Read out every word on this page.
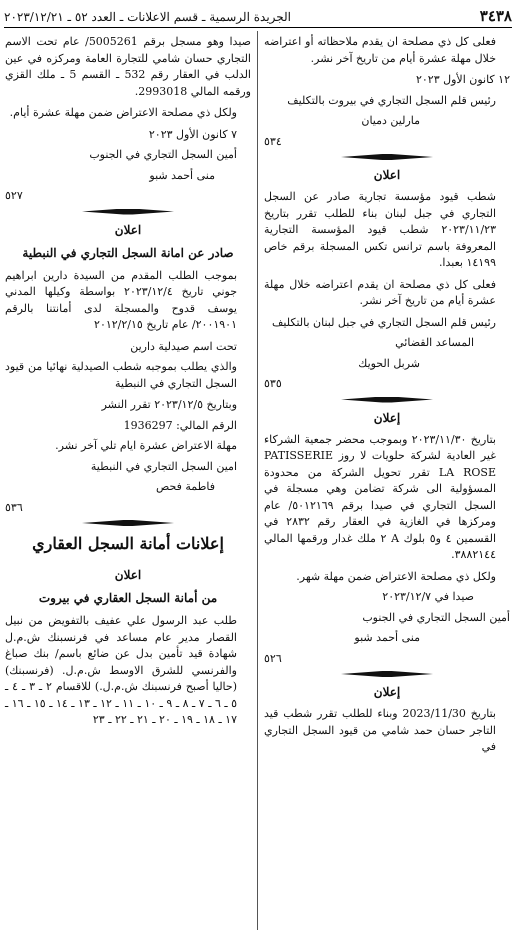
٣٤٣٨
الجريدة الرسمية ـ قسم الاعلانات ـ العدد ٥٢ ـ ٢٠٢٣/١٢/٢١

فعلى كل ذي مصلحة ان يقدم ملاحظاته أو اعتراضه خلال مهلة عشرة أيام من تاريخ آخر نشر.

١٢ كانون الأول ٢٠٢٣
رئيس قلم السجل التجاري في بيروت بالتكليف
مارلين دميان
٥٣٤
اعلان

شطب قيود مؤسسة تجارية صادر عن السجل التجاري في جبل لبنان بناء للطلب تقرر بتاريخ ٢٠٢٣/١١/٢٣ شطب قيود المؤسسة التجارية المعروفة باسم ترانس تكس المسجلة برقم خاص ١٤١٩٩ بعبدا.

فعلى كل ذي مصلحة ان يقدم اعتراضه خلال مهلة عشرة أيام من تاريخ آخر نشر.

رئيس قلم السجل التجاري في جبل لبنان بالتكليف
المساعد القضائي
شربل الحويك
٥٣٥
إعلان

بتاريخ ٢٠٢٣/١١/٣٠ وبموجب محضر جمعية الشركاء غير العادية لشركة حلويات لا روز PATISSERIE LA ROSE تقرر تحويل الشركة من محدودة المسؤولية الى شركة تضامن وهي مسجلة في السجل التجاري في صيدا برقم ٥٠١٢١٦٩/ عام ومركزها في الغازية في العقار رقم ٢٨٣٢ في القسمين ٤ و٥ بلوك A ٢ ملك غدار ورقمها المالي ٣٨٨٢١٤٤.

ولكل ذي مصلحة الاعتراض ضمن مهلة شهر.
صيدا في ٢٠٢٣/١٢/٧
أمين السجل التجاري في الجنوب
منى أحمد شبو
٥٢٦
إعلان

بتاريخ 2023/11/30 وبناء للطلب تقرر شطب قيد التاجر حسان حمد شامي من قيود السجل التجاري في

صيدا وهو مسجل برقم 5005261/ عام تحت الاسم التجاري حسان شامي للتجارة العامة ومركزه في عين الدلب في العقار رقم 532 ـ القسم 5 ـ ملك القزي ورقمه المالي 2993018.

ولكل ذي مصلحة الاعتراض ضمن مهلة عشرة أيام.

٧ كانون الأول ٢٠٢٣
أمين السجل التجاري في الجنوب
منى أحمد شبو
٥٢٧
اعلان
صادر عن امانة السجل التجاري في النبطية

بموجب الطلب المقدم من السيدة دارين ابراهيم جوني تاريخ ٢٠٢٣/١٢/٤ بواسطة وكيلها المدني يوسف قدوح والمسجلة لدى أمانتنا بالرقم ٢٠٠١٩٠١/ عام تاريخ ٢٠١٢/٢/١٥

تحت اسم صيدلية دارين

والذي يطلب بموجبه شطب الصيدلية نهائيا من قيود السجل التجاري في النبطية

وبتاريخ ٢٠٢٣/١٢/٥ تقرر النشر
الرقم المالي: 1936297
مهلة الاعتراض عشرة ايام تلي آخر نشر.
امين السجل التجاري في النبطية
فاطمة فحص
٥٣٦
إعلانات أمانة السجل العقاري
اعلان
من أمانة السجل العقاري في بيروت

طلب عبد الرسول علي عفيف بالتفويض من نبيل القصار مدير عام مساعد في فرنسبنك ش.م.ل شهادة قيد تأمين بدل عن ضائع باسم/ بنك صباغ والفرنسي للشرق الاوسط ش.م.ل. (فرنسبنك) (حاليا أصبح فرنسبنك ش.م.ل.) للاقسام ٢ ـ ٣ ـ ٤ ـ ٥ ـ ٦ ـ ٧ ـ ٨ ـ ٩ ـ ١٠ ـ ١١ ـ ١٢ ـ ١٣ ـ ١٤ ـ ١٥ ـ ١٦ ـ ١٧ ـ ١٨ ـ ١٩ ـ ٢٠ ـ ٢١ ـ ٢٢ ـ ٢٣
